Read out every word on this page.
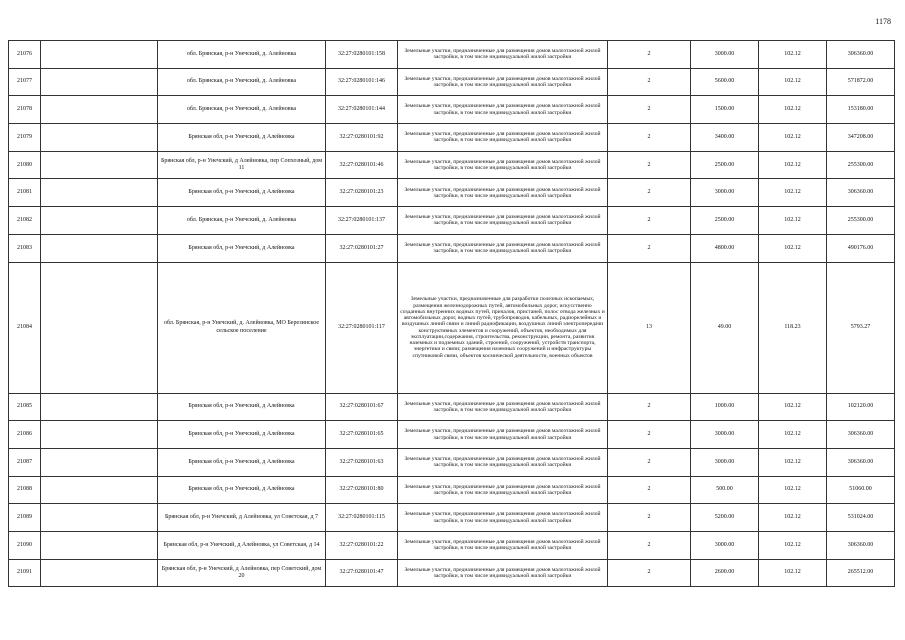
1178
21076		обл. Брянская, р-н Унечский, д. Алейновка	32:27:0280101:158	Земельные участки, предназначенные для размещения домов малоэтажной жилой застройки, в том числе индивидуальной жилой застройки	2	3000.00	102.12	306360.00
21077		обл. Брянская, р-н Унечский, д. Алейновка	32:27:0280101:146	Земельные участки, предназначенные для размещения домов малоэтажной жилой застройки, в том числе индивидуальной жилой застройки	2	5600.00	102.12	571872.00
21078		обл. Брянская, р-н Унечский, д. Алейновка	32:27:0280101:144	Земельные участки, предназначенные для размещения домов малоэтажной жилой застройки, в том числе индивидуальной жилой застройки	2	1500.00	102.12	153180.00
21079		Брянская обл, р-н Унечский, д Алейновка	32:27:0280101:92	Земельные участки, предназначенные для размещения домов малоэтажной жилой застройки, в том числе индивидуальной жилой застройки	2	3400.00	102.12	347208.00
21080		Брянская обл, р-н Унечский, д Алейновка, пер Сопхозный, дом 11	32:27:0280101:46	Земельные участки, предназначенные для размещения домов малоэтажной жилой застройки, в том числе индивидуальной жилой застройки	2	2500.00	102.12	255300.00
21081		Брянская обл, р-н Унечский, д Алейновка	32:27:0280101:23	Земельные участки, предназначенные для размещения домов малоэтажной жилой застройки, в том числе индивидуальной жилой застройки	2	3000.00	102.12	306360.00
21082		обл. Брянская, р-н Унечский, д. Алейновка	32:27:0280101:137	Земельные участки, предназначенные для размещения домов малоэтажной жилой застройки, в том числе индивидуальной жилой застройки	2	2500.00	102.12	255300.00
21083		Брянская обл, р-н Унечский, д Алейновка	32:27:0280101:27	Земельные участки, предназначенные для размещения домов малоэтажной жилой застройки, в том числе индивидуальной жилой застройки	2	4800.00	102.12	490176.00
21084		обл. Брянская, р-н Унечский, д. Алейновка, МО Березинское сельское поселение	32:27:0280101:117	Земельные участки, предназначенные для разработки полезных ископаемых, размещения железнодорожных путей, автомобильных дорог, искусственно созданных внутренних водных путей, причалов, пристаней, полос отвода железных и автомобильных дорог, водных путей, трубопроводов, кабельных, радиорелейных и воздушных линий связи и линий радиофикации, воздушных линий электропередачи конструктивных элементов и сооружений, объектов, необходимых для эксплуатации,содержания, строительства, реконструкции, ремонта, развития наземных и подземных зданий, строений, сооружений, устройств транспорта, энергетики и связи; размещения наземных сооружений и инфраструктуры спутниковой связи, объектов космической деятельности, военных объектов	13	49.00	118.23	5793.27
21085		Брянская обл, р-н Унечский, д Алейновка	32:27:0280101:67	Земельные участки, предназначенные для размещения домов малоэтажной жилой застройки, в том числе индивидуальной жилой застройки	2	1000.00	102.12	102120.00
21086		Брянская обл, р-н Унечский, д Алейновка	32:27:0280101:65	Земельные участки, предназначенные для размещения домов малоэтажной жилой застройки, в том числе индивидуальной жилой застройки	2	3000.00	102.12	306360.00
21087		Брянская обл, р-н Унечский, д Алейновка	32:27:0280101:63	Земельные участки, предназначенные для размещения домов малоэтажной жилой застройки, в том числе индивидуальной жилой застройки	2	3000.00	102.12	306360.00
21088		Брянская обл, р-н Унечский, д Алейновка	32:27:0280101:80	Земельные участки, предназначенные для размещения домов малоэтажной жилой застройки, в том числе индивидуальной жилой застройки	2	500.00	102.12	51060.00
21089		Брянская обл, р-н Унечский, д Алейновка, ул Советская, д 7	32:27:0280101:115	Земельные участки, предназначенные для размещения домов малоэтажной жилой застройки, в том числе индивидуальной жилой застройки	2	5200.00	102.12	531024.00
21090		Брянская обл, р-н Унечский, д Алейновка, ул Советская, д 14	32:27:0280101:22	Земельные участки, предназначенные для размещения домов малоэтажной жилой застройки, в том числе индивидуальной жилой застройки	2	3000.00	102.12	306360.00
21091		Брянская обл, р-н Унечский, д Алейновка, пер Советский, дом 20	32:27:0280101:47	Земельные участки, предназначенные для размещения домов малоэтажной жилой застройки, в том числе индивидуальной жилой застройки	2	2600.00	102.12	265512.00
